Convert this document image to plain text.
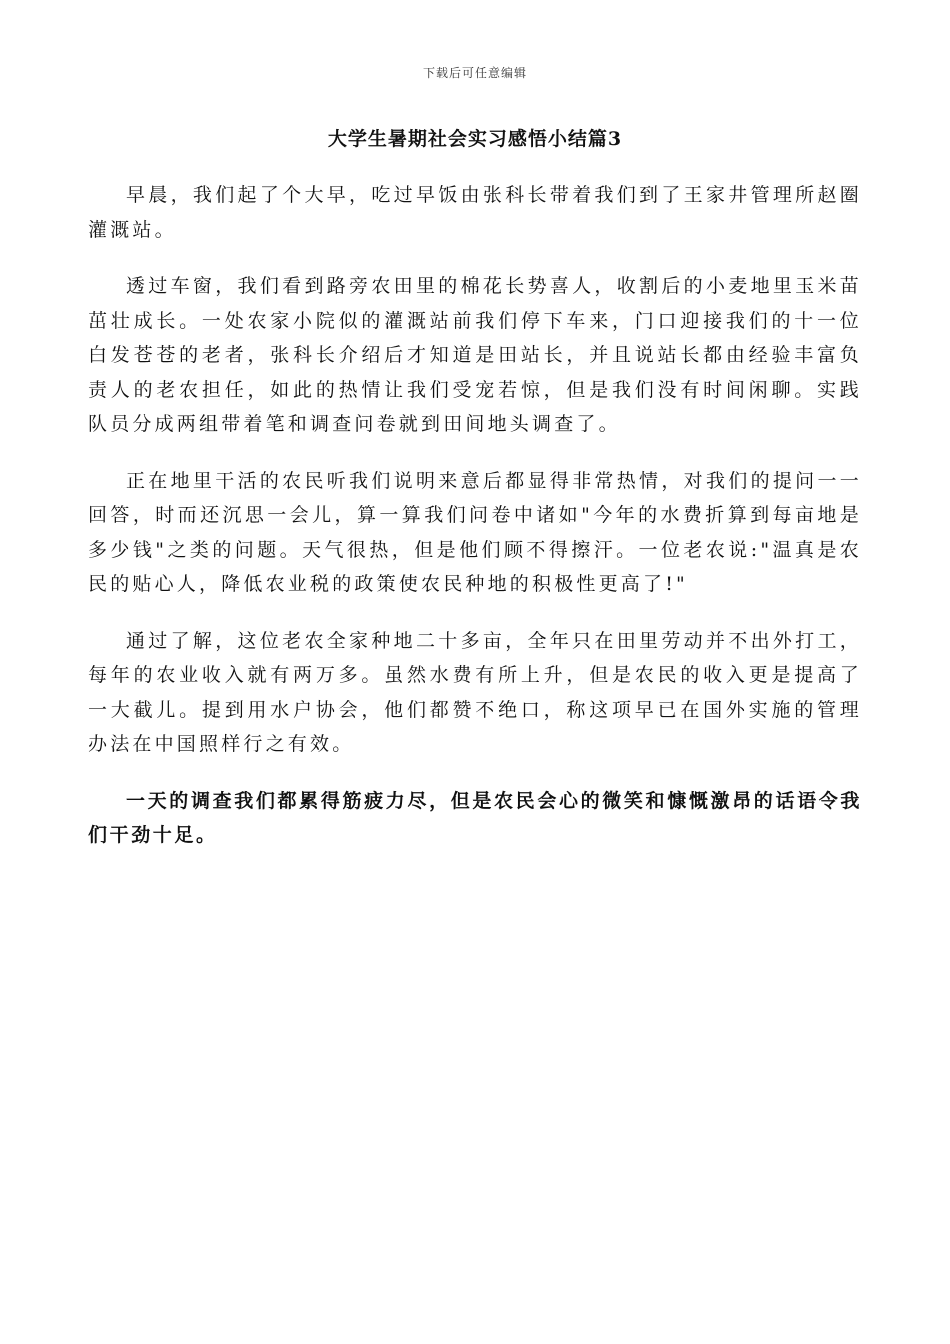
下载后可任意编辑
大学生暑期社会实习感悟小结篇3

早晨，我们起了个大早，吃过早饭由张科长带着我们到了王家井管理所赵圈灌溉站。

透过车窗，我们看到路旁农田里的棉花长势喜人，收割后的小麦地里玉米苗茁壮成长。一处农家小院似的灌溉站前我们停下车来，门口迎接我们的十一位白发苍苍的老者，张科长介绍后才知道是田站长，并且说站长都由经验丰富负责人的老农担任，如此的热情让我们受宠若惊，但是我们没有时间闲聊。实践队员分成两组带着笔和调查问卷就到田间地头调查了。

正在地里干活的农民听我们说明来意后都显得非常热情，对我们的提问一一回答，时而还沉思一会儿，算一算我们问卷中诸如"今年的水费折算到每亩地是多少钱"之类的问题。天气很热，但是他们顾不得擦汗。一位老农说:"温真是农民的贴心人，降低农业税的政策使农民种地的积极性更高了!"

通过了解，这位老农全家种地二十多亩，全年只在田里劳动并不出外打工，每年的农业收入就有两万多。虽然水费有所上升，但是农民的收入更是提高了一大截儿。提到用水户协会，他们都赞不绝口，称这项早已在国外实施的管理办法在中国照样行之有效。

一天的调查我们都累得筋疲力尽，但是农民会心的微笑和慷慨激昂的话语令我们干劲十足。
